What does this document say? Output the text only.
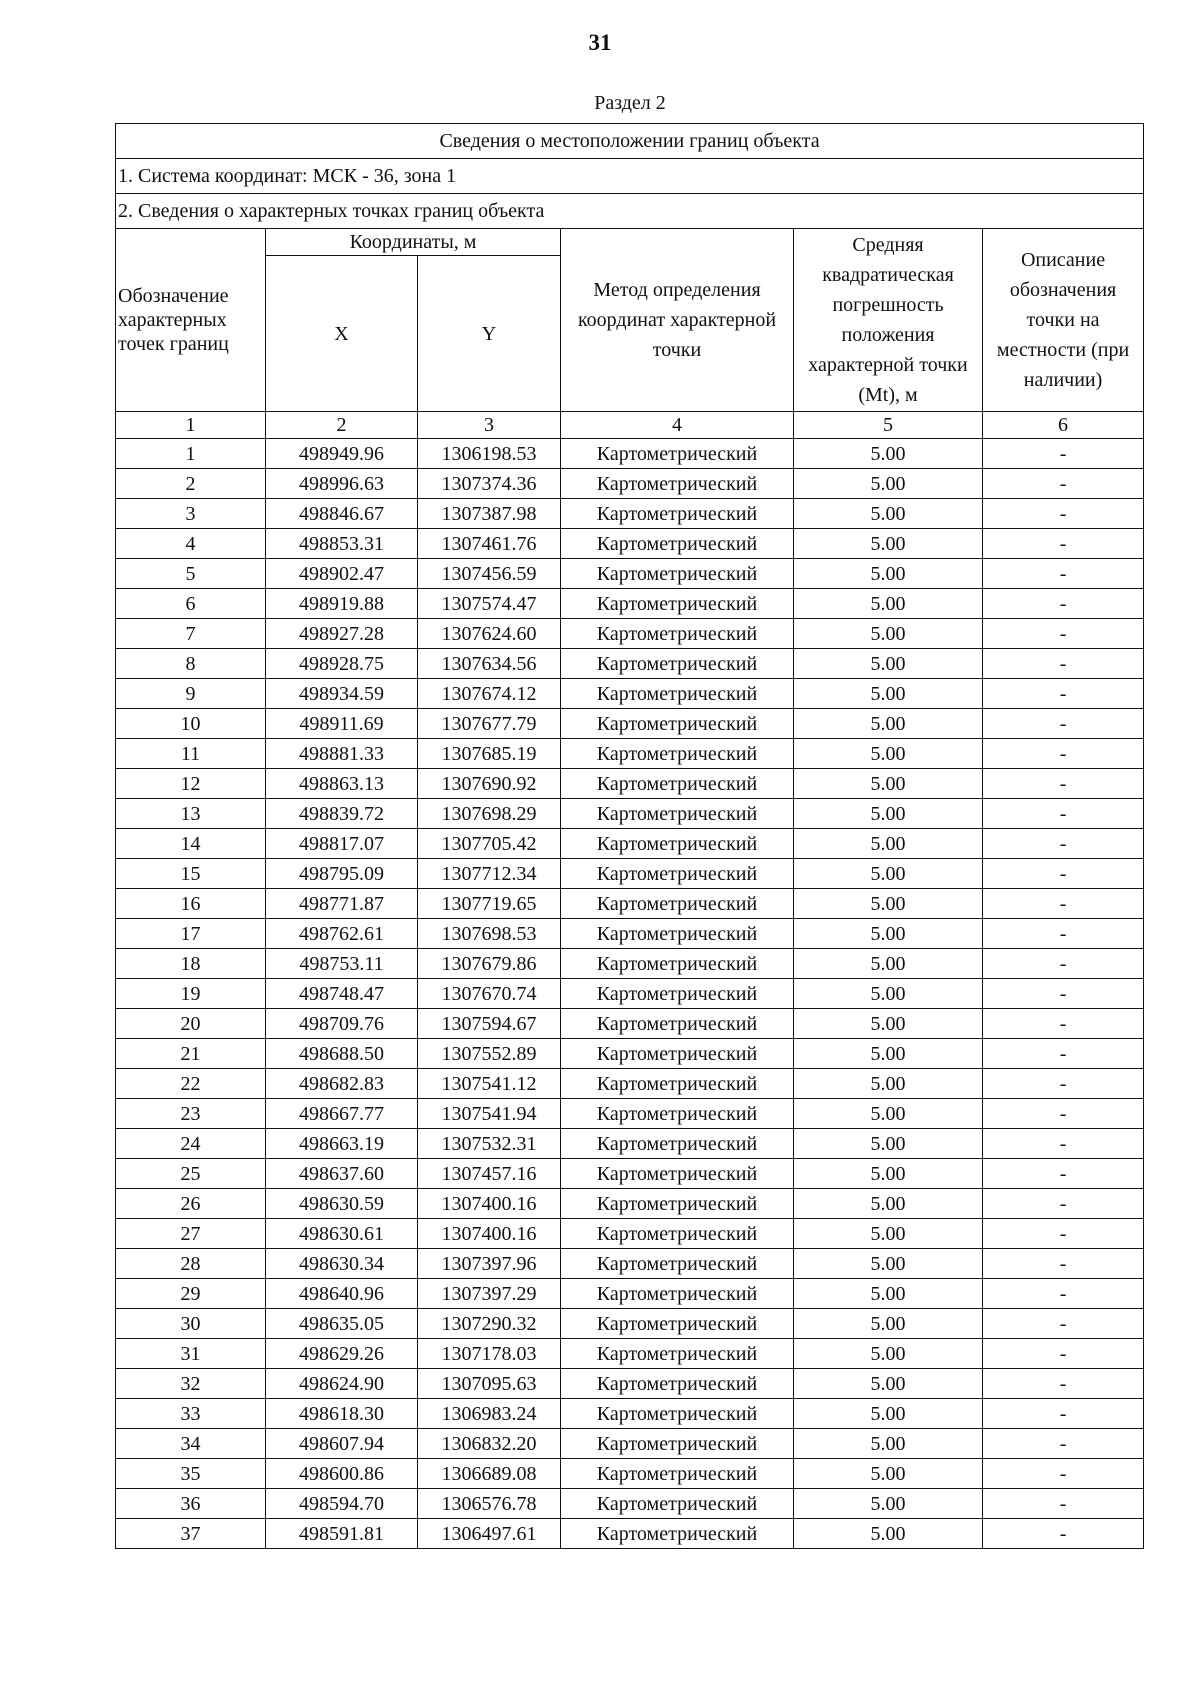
31
Раздел 2
Сведения о местоположении границ объекта					
1. Система координат: МСК - 36, зона 1					
2. Сведения о характерных точках границ объекта					
Обозначение характерных точек границ	Координаты, м		Метод определения координат характерной точки	Средняя квадратическая погрешность положения характерной точки (Mt), м	Описание обозначения точки на местности (при наличии)
	X	Y			
1	2	3	4	5	6
1	498949.96	1306198.53	Картометрический	5.00	-
2	498996.63	1307374.36	Картометрический	5.00	-
3	498846.67	1307387.98	Картометрический	5.00	-
4	498853.31	1307461.76	Картометрический	5.00	-
5	498902.47	1307456.59	Картометрический	5.00	-
6	498919.88	1307574.47	Картометрический	5.00	-
7	498927.28	1307624.60	Картометрический	5.00	-
8	498928.75	1307634.56	Картометрический	5.00	-
9	498934.59	1307674.12	Картометрический	5.00	-
10	498911.69	1307677.79	Картометрический	5.00	-
11	498881.33	1307685.19	Картометрический	5.00	-
12	498863.13	1307690.92	Картометрический	5.00	-
13	498839.72	1307698.29	Картометрический	5.00	-
14	498817.07	1307705.42	Картометрический	5.00	-
15	498795.09	1307712.34	Картометрический	5.00	-
16	498771.87	1307719.65	Картометрический	5.00	-
17	498762.61	1307698.53	Картометрический	5.00	-
18	498753.11	1307679.86	Картометрический	5.00	-
19	498748.47	1307670.74	Картометрический	5.00	-
20	498709.76	1307594.67	Картометрический	5.00	-
21	498688.50	1307552.89	Картометрический	5.00	-
22	498682.83	1307541.12	Картометрический	5.00	-
23	498667.77	1307541.94	Картометрический	5.00	-
24	498663.19	1307532.31	Картометрический	5.00	-
25	498637.60	1307457.16	Картометрический	5.00	-
26	498630.59	1307400.16	Картометрический	5.00	-
27	498630.61	1307400.16	Картометрический	5.00	-
28	498630.34	1307397.96	Картометрический	5.00	-
29	498640.96	1307397.29	Картометрический	5.00	-
30	498635.05	1307290.32	Картометрический	5.00	-
31	498629.26	1307178.03	Картометрический	5.00	-
32	498624.90	1307095.63	Картометрический	5.00	-
33	498618.30	1306983.24	Картометрический	5.00	-
34	498607.94	1306832.20	Картометрический	5.00	-
35	498600.86	1306689.08	Картометрический	5.00	-
36	498594.70	1306576.78	Картометрический	5.00	-
37	498591.81	1306497.61	Картометрический	5.00	-
